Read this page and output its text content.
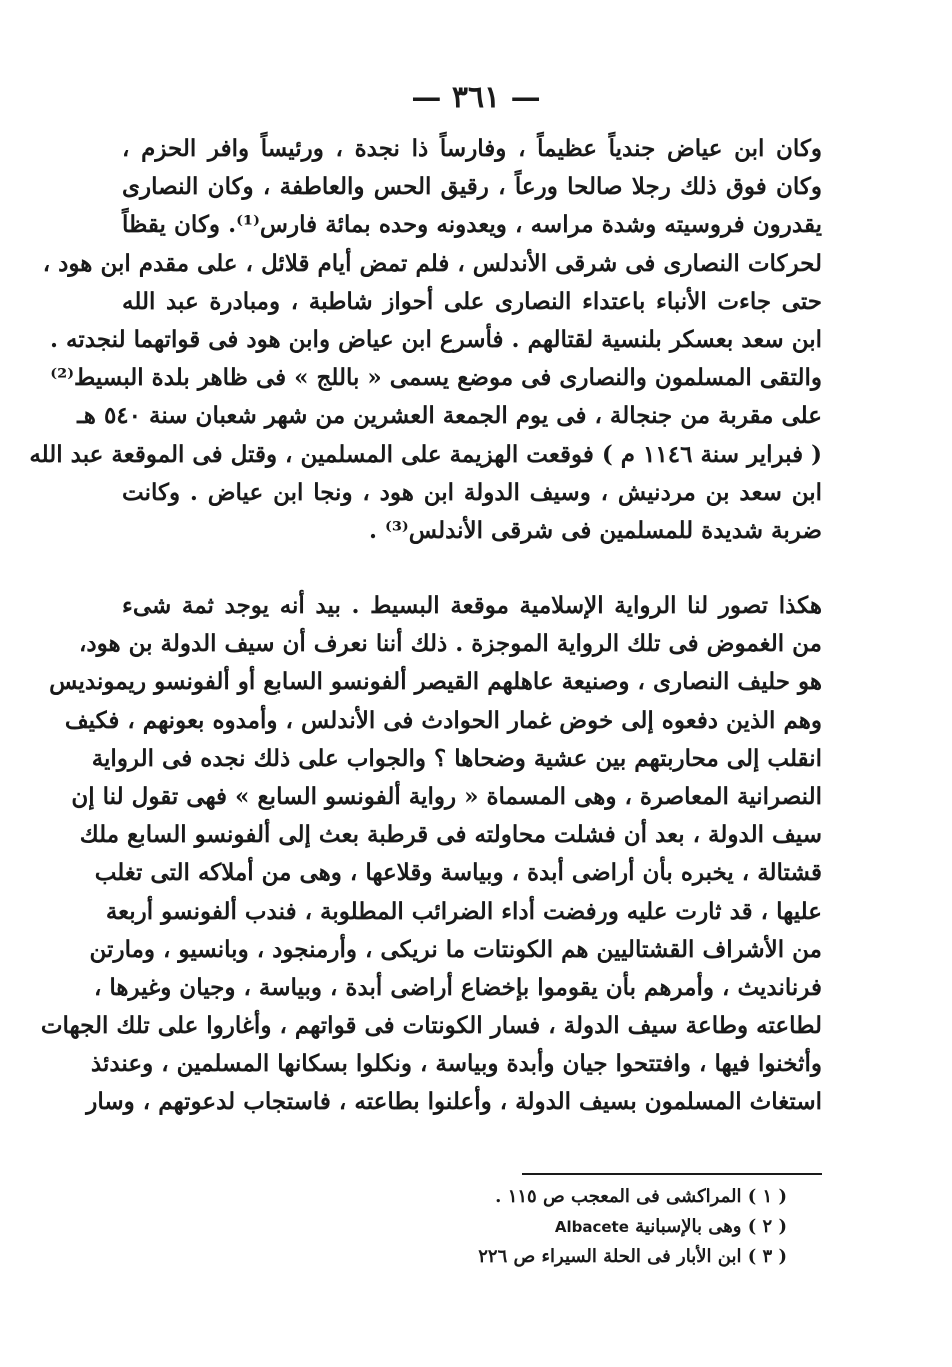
— ٣٦١ —
وكان ابن عياض جندياً عظيماً ، وفارساً ذا نجدة ، ورئيساً وافر الحزم ،
وكان فوق ذلك رجلا صالحا ورعاً ، رقيق الحس والعاطفة ، وكان النصارى
يقدرون فروسيته وشدة مراسه ، ويعدونه وحده بمائة فارس⁽¹⁾. وكان يقظاً
لحركات النصارى فى شرقى الأندلس ، فلم تمض أيام قلائل ، على مقدم ابن هود ،
حتى جاءت الأنباء باعتداء النصارى على أحواز شاطبة ، ومبادرة عبد الله
ابن سعد بعسكر بلنسية لقتالهم . فأسرع ابن عياض وابن هود فى قواتهما لنجدته .
والتقى المسلمون والنصارى فى موضع يسمى « باللج » فى ظاهر بلدة البسيط⁽²⁾
على مقربة من جنجالة ، فى يوم الجمعة العشرين من شهر شعبان سنة ٥٤٠ هـ
( فبراير سنة ١١٤٦ م ) فوقعت الهزيمة على المسلمين ، وقتل فى الموقعة عبد الله
ابن سعد بن مردنيش ، وسيف الدولة ابن هود ، ونجا ابن عياض . وكانت
ضربة شديدة للمسلمين فى شرقى الأندلس⁽³⁾ .
هكذا تصور لنا الرواية الإسلامية موقعة البسيط . بيد أنه يوجد ثمة شىء
من الغموض فى تلك الرواية الموجزة . ذلك أننا نعرف أن سيف الدولة بن هود،
هو حليف النصارى ، وصنيعة عاهلهم القيصر ألفونسو السابع أو ألفونسو ريمونديس
وهم الذين دفعوه إلى خوض غمار الحوادث فى الأندلس ، وأمدوه بعونهم ، فكيف
انقلب إلى محاربتهم بين عشية وضحاها ؟ والجواب على ذلك نجده فى الرواية
النصرانية المعاصرة ، وهى المسماة « رواية ألفونسو السابع » فهى تقول لنا إن
سيف الدولة ، بعد أن فشلت محاولته فى قرطبة بعث إلى ألفونسو السابع ملك
قشتالة ، يخبره بأن أراضى أبدة ، وبياسة وقلاعها ، وهى من أملاكه التى تغلب
عليها ، قد ثارت عليه ورفضت أداء الضرائب المطلوبة ، فندب ألفونسو أربعة
من الأشراف القشتاليين هم الكونتات ما نريكى ، وأرمنجود ، وبانسيو ، ومارتن
فرنانديث ، وأمرهم بأن يقوموا بإخضاع أراضى أبدة ، وبياسة ، وجيان وغيرها ،
لطاعته وطاعة سيف الدولة ، فسار الكونتات فى قواتهم ، وأغاروا على تلك الجهات
وأثخنوا فيها ، وافتتحوا جيان وأبدة وبياسة ، ونكلوا بسكانها المسلمين ، وعندئذ
استغاث المسلمون بسيف الدولة ، وأعلنوا بطاعته ، فاستجاب لدعوتهم ، وسار
( ١ ) المراكشى فى المعجب ص ١١٥ .
( ٢ ) وهى بالإسبانية Albacete
( ٣ ) ابن الأبار فى الحلة السيراء ص ٢٢٦
